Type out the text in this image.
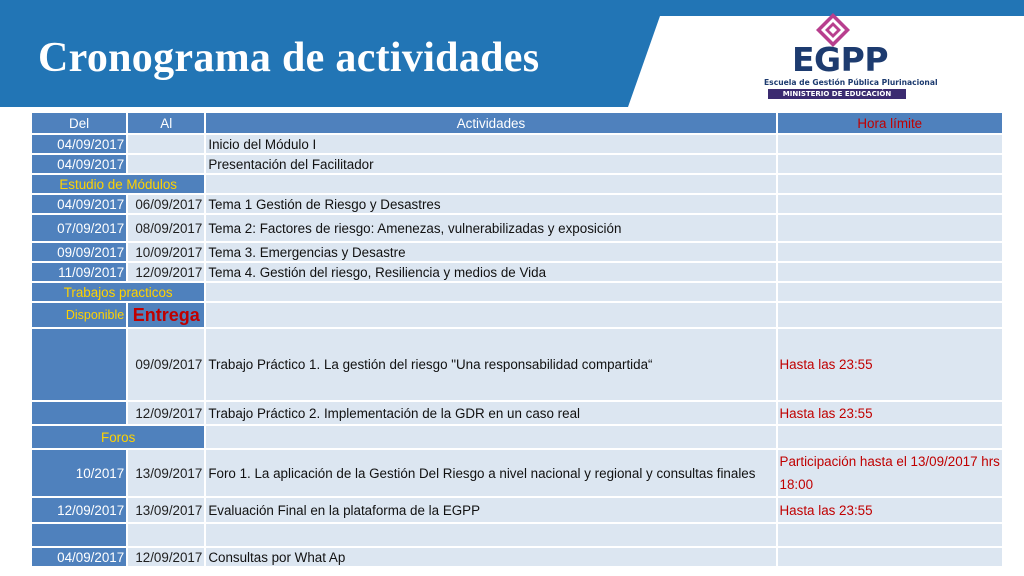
Cronograma de actividades	EGPP
Escuela de Gestión Pública Plurinacional
MINISTERIO DE EDUCACIÓN
Del	Al	Actividades	Hora límite
04/09/2017		Inicio del Módulo I	
04/09/2017		Presentación del Facilitador	
Estudio de Módulos			
04/09/2017	06/09/2017	Tema 1 Gestión de Riesgo y Desastres	
07/09/2017	08/09/2017	Tema 2: Factores de riesgo: Amenezas, vulnerabilizadas y exposición	
09/09/2017	10/09/2017	Tema 3. Emergencias y Desastre	
11/09/2017	12/09/2017	Tema 4. Gestión del riesgo, Resiliencia y medios de Vida	
Trabajos practicos			
Disponible	Entrega		
	09/09/2017	Trabajo Práctico 1. La gestión del riesgo "Una responsabilidad compartida“	Hasta las 23:55
	12/09/2017	Trabajo Práctico 2. Implementación de la GDR en un caso real	Hasta las 23:55
Foros			
10/2017	13/09/2017	Foro 1. La aplicación de la Gestión Del Riesgo a nivel nacional y regional y consultas finales	Participación hasta el 13/09/2017 hrs 18:00
12/09/2017	13/09/2017	Evaluación Final en la plataforma de la EGPP	Hasta las 23:55

04/09/2017	12/09/2017	Consultas por What Ap	
